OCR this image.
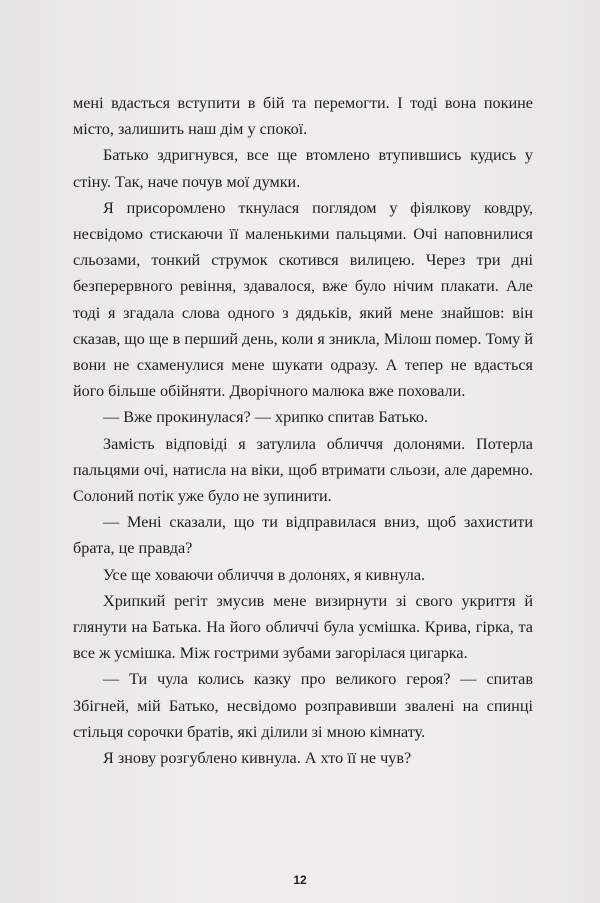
мені вдасться вступити в бій та перемогти. І тоді вона покине місто, залишить наш дім у спокої.

Батько здригнувся, все ще втомлено втупившись кудись у стіну. Так, наче почув мої думки.

Я присоромлено ткнулася поглядом у фіялкову ковдру, несвідомо стискаючи її маленькими пальцями. Очі наповнилися сльозами, тонкий струмок скотився вилицею. Через три дні безперервного ревіння, здавалося, вже було нічим плакати. Але тоді я згадала слова одного з дядьків, який мене знайшов: він сказав, що ще в перший день, коли я зникла, Мілош помер. Тому й вони не схаменулися мене шукати одразу. А тепер не вдасться його більше обійняти. Дворічного малюка вже поховали.

— Вже прокинулася? — хрипко спитав Батько.

Замість відповіді я затулила обличчя долонями. Потерла пальцями очі, натисла на віки, щоб втримати сльози, але даремно. Солоний потік уже було не зупинити.

— Мені сказали, що ти відправилася вниз, щоб захистити брата, це правда?

Усе ще ховаючи обличчя в долонях, я кивнула.

Хрипкий регіт змусив мене визирнути зі свого укриття й глянути на Батька. На його обличчі була усмішка. Крива, гірка, та все ж усмішка. Між гострими зубами загорілася цигарка.

— Ти чула колись казку про великого героя? — спитав Збігней, мій Батько, несвідомо розправивши звалені на спинці стільця сорочки братів, які ділили зі мною кімнату.

Я знову розгублено кивнула. А хто її не чув?

12
